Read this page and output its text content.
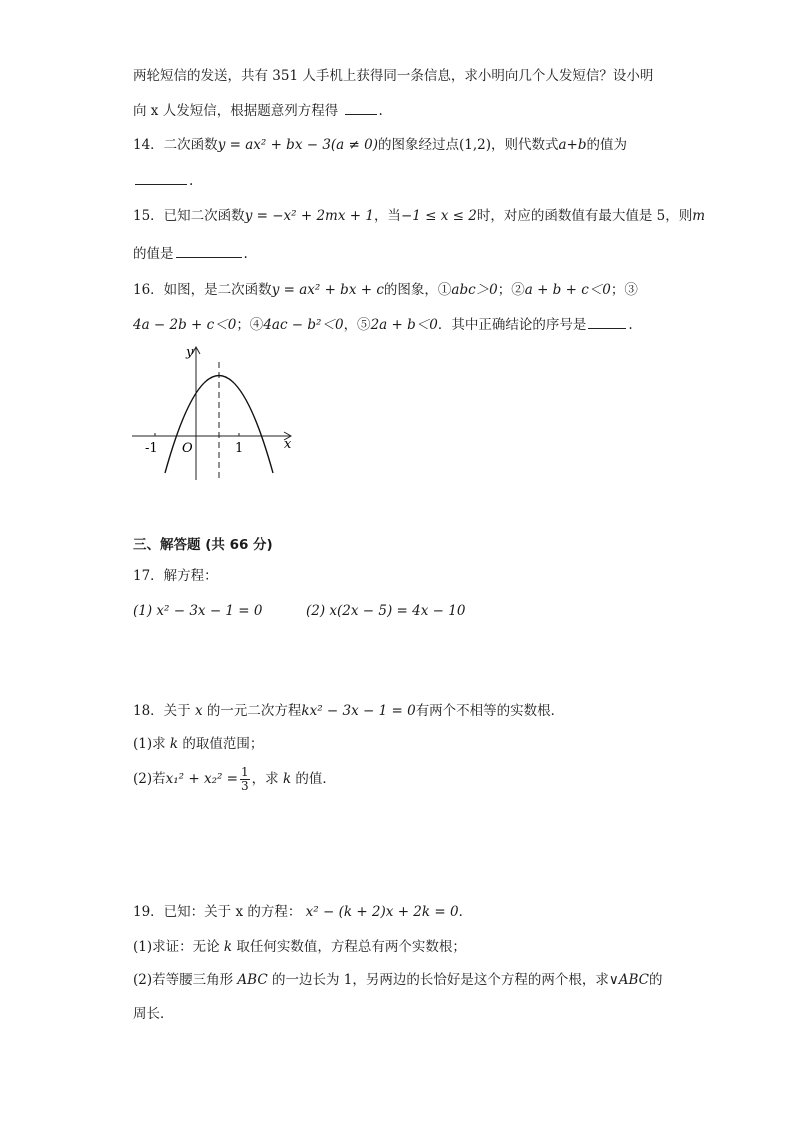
两轮短信的发送，共有 351 人手机上获得同一条信息，求小明向几个人发短信？设小明
向 x 人发短信，根据题意列方程得	.
14．二次函数y = ax² + bx − 3(a ≠ 0)的图象经过点(1,2)，则代数式a+b的值为
.
15．已知二次函数y = −x² + 2mx + 1，当−1 ≤ x ≤ 2时，对应的函数值有最大值是 5，则m
的值是	.
16．如图，是二次函数y = ax² + bx + c的图象，①abc＞0；②a + b + c＜0；③
4a − 2b + c＜0；④4ac − b²＜0，⑤2a + b＜0．其中正确结论的序号是	.
y
x
O
-1	1
三、解答题 (共 66 分)
17．解方程：
(1) x² − 3x − 1 = 0	(2) x(2x − 5) = 4x − 10
18．关于 x 的一元二次方程kx² − 3x − 1 = 0有两个不相等的实数根．
(1)求 k 的取值范围；
(2)若$x_1^2 + x_2^2 = \frac{1}{3}$ ，求 k 的值．
19．已知：关于 x 的方程： x² − (k + 2)x + 2k = 0．
(1)求证：无论 k 取任何实数值，方程总有两个实数根；
(2)若等腰三角形 ABC 的一边长为 1，另两边的长恰好是这个方程的两个根，求∨ABC的
周长．
